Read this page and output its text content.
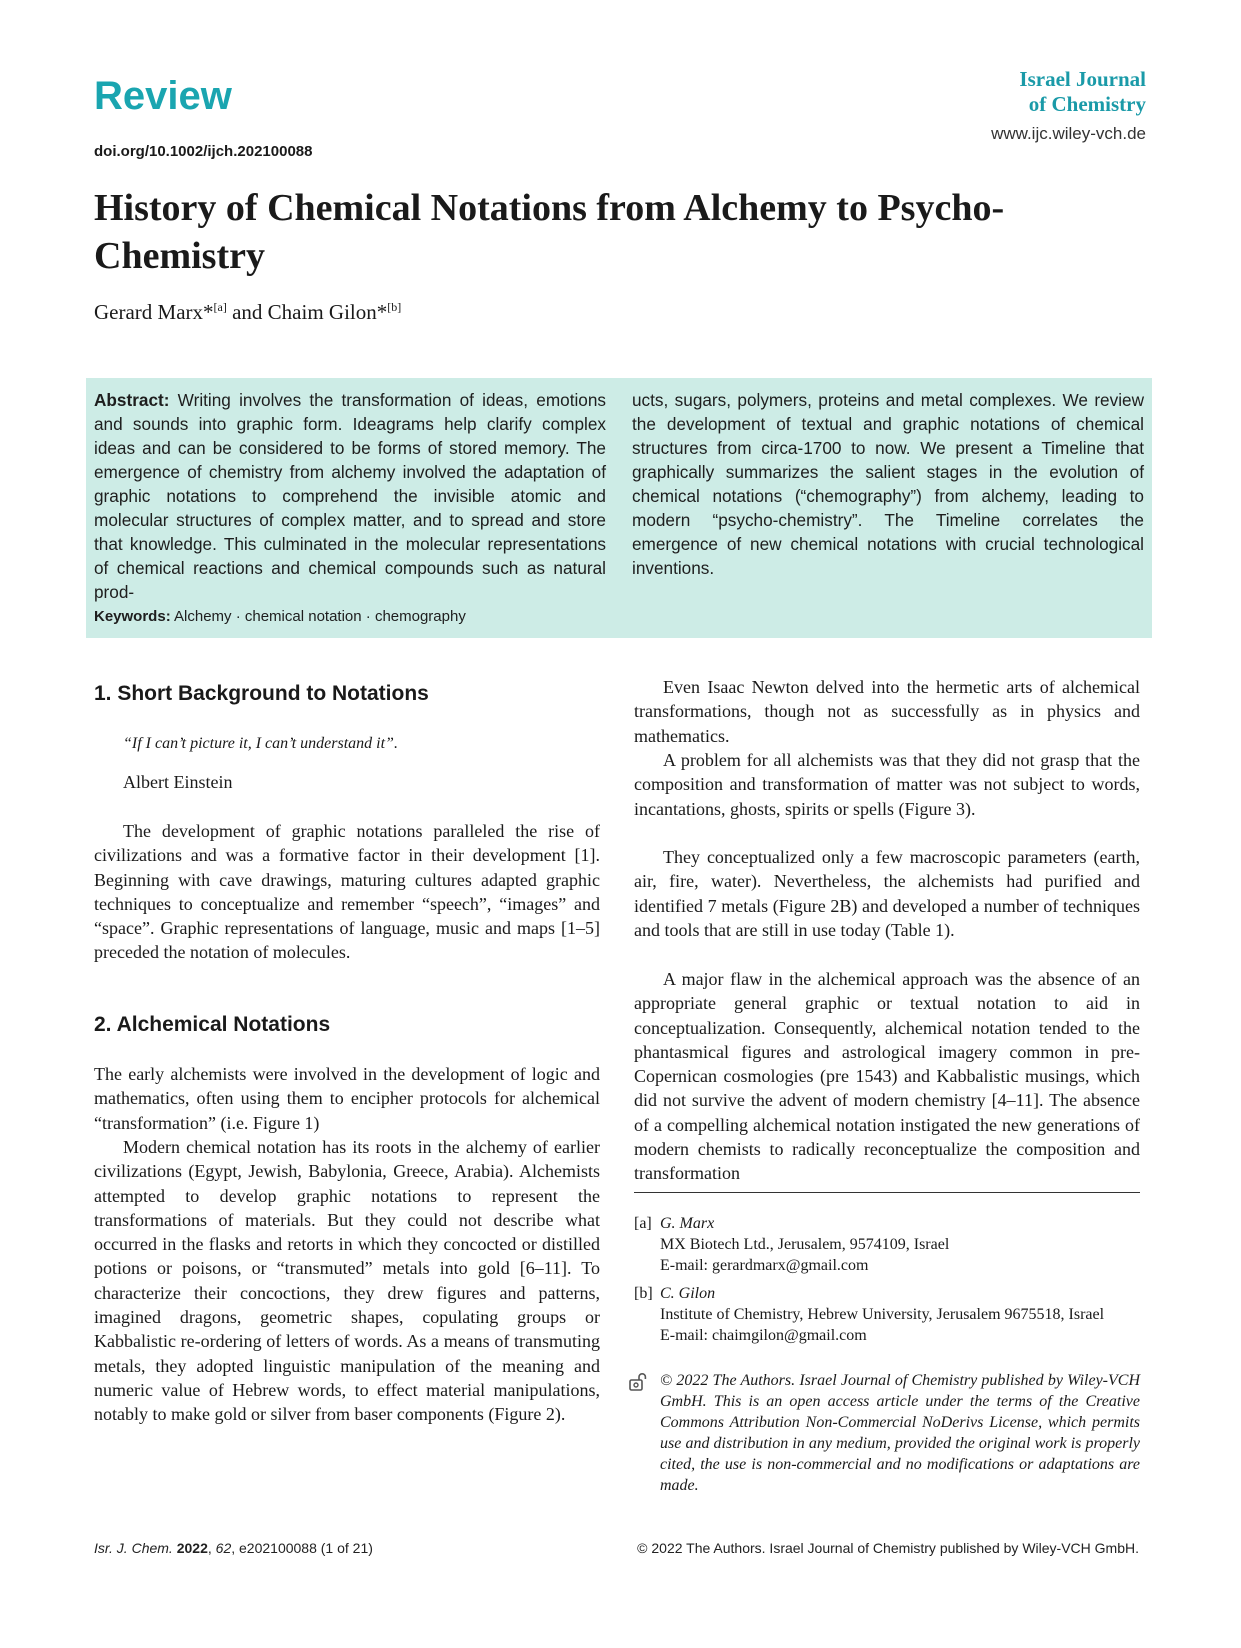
Review
doi.org/10.1002/ijch.202100088
Israel Journal
of Chemistry
www.ijc.wiley-vch.de
History of Chemical Notations from Alchemy to Psycho-Chemistry
Gerard Marx*[a] and Chaim Gilon*[b]
Abstract: Writing involves the transformation of ideas, emotions and sounds into graphic form. Ideagrams help clarify complex ideas and can be considered to be forms of stored memory. The emergence of chemistry from alchemy involved the adaptation of graphic notations to comprehend the invisible atomic and molecular structures of complex matter, and to spread and store that knowledge. This culminated in the molecular representations of chemical reactions and chemical compounds such as natural prod-
ucts, sugars, polymers, proteins and metal complexes. We review the development of textual and graphic notations of chemical structures from circa-1700 to now. We present a Timeline that graphically summarizes the salient stages in the evolution of chemical notations (“chemography”) from alchemy, leading to modern “psycho-chemistry”. The Timeline correlates the emergence of new chemical notations with crucial technological inventions.
Keywords: Alchemy · chemical notation · chemography
1. Short Background to Notations
“If I can’t picture it, I can’t understand it”.
Albert Einstein

The development of graphic notations paralleled the rise of civilizations and was a formative factor in their development [1]. Beginning with cave drawings, maturing cultures adapted graphic techniques to conceptualize and remember “speech”, “images” and “space”. Graphic representations of language, music and maps [1–5] preceded the notation of molecules.

2. Alchemical Notations

The early alchemists were involved in the development of logic and mathematics, often using them to encipher protocols for alchemical “transformation” (i.e. Figure 1)

Modern chemical notation has its roots in the alchemy of earlier civilizations (Egypt, Jewish, Babylonia, Greece, Arabia). Alchemists attempted to develop graphic notations to represent the transformations of materials. But they could not describe what occurred in the flasks and retorts in which they concocted or distilled potions or poisons, or “transmuted” metals into gold [6–11]. To characterize their concoctions, they drew figures and patterns, imagined dragons, geometric shapes, copulating groups or Kabbalistic re-ordering of letters of words. As a means of transmuting metals, they adopted linguistic manipulation of the meaning and numeric value of Hebrew words, to effect material manipulations, notably to make gold or silver from baser components (Figure 2).

Even Isaac Newton delved into the hermetic arts of alchemical transformations, though not as successfully as in physics and mathematics.

A problem for all alchemists was that they did not grasp that the composition and transformation of matter was not subject to words, incantations, ghosts, spirits or spells (Figure 3).

They conceptualized only a few macroscopic parameters (earth, air, fire, water). Nevertheless, the alchemists had purified and identified 7 metals (Figure 2B) and developed a number of techniques and tools that are still in use today (Table 1).

A major flaw in the alchemical approach was the absence of an appropriate general graphic or textual notation to aid in conceptualization. Consequently, alchemical notation tended to the phantasmical figures and astrological imagery common in pre-Copernican cosmologies (pre 1543) and Kabbalistic musings, which did not survive the advent of modern chemistry [4–11]. The absence of a compelling alchemical notation instigated the new generations of modern chemists to radically reconceptualize the composition and transformation

[a] G. Marx
MX Biotech Ltd., Jerusalem, 9574109, Israel
E-mail: gerardmarx@gmail.com
[b] C. Gilon
Institute of Chemistry, Hebrew University, Jerusalem 9675518, Israel
E-mail: chaimgilon@gmail.com
© 2022 The Authors. Israel Journal of Chemistry published by Wiley-VCH GmbH. This is an open access article under the terms of the Creative Commons Attribution Non-Commercial NoDerivs License, which permits use and distribution in any medium, provided the original work is properly cited, the use is non-commercial and no modifications or adaptations are made.
Isr. J. Chem. 2022, 62, e202100088 (1 of 21)	© 2022 The Authors. Israel Journal of Chemistry published by Wiley-VCH GmbH.
